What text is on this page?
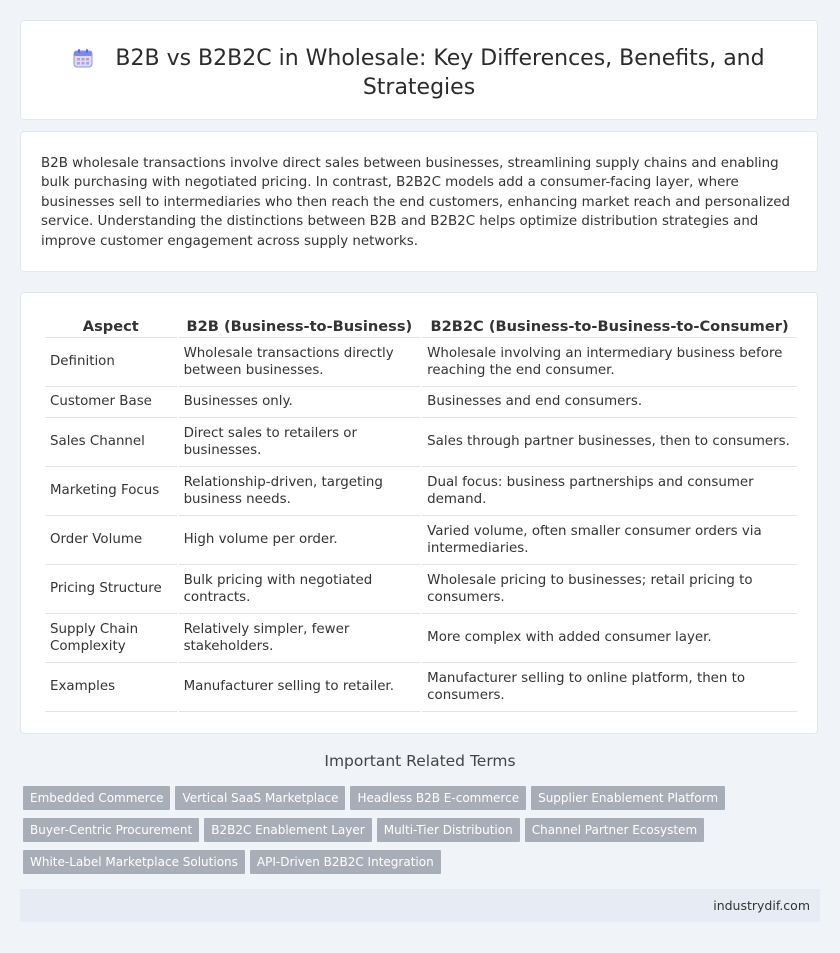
B2B vs B2B2C in Wholesale: Key Differences, Benefits, and Strategies
B2B wholesale transactions involve direct sales between businesses, streamlining supply chains and enabling bulk purchasing with negotiated pricing. In contrast, B2B2C models add a consumer-facing layer, where businesses sell to intermediaries who then reach the end customers, enhancing market reach and personalized service. Understanding the distinctions between B2B and B2B2C helps optimize distribution strategies and improve customer engagement across supply networks.
Aspect	B2B (Business-to-Business)	B2B2C (Business-to-Business-to-Consumer)
Definition	Wholesale transactions directly between businesses.	Wholesale involving an intermediary business before reaching the end consumer.
Customer Base	Businesses only.	Businesses and end consumers.
Sales Channel	Direct sales to retailers or businesses.	Sales through partner businesses, then to consumers.
Marketing Focus	Relationship-driven, targeting business needs.	Dual focus: business partnerships and consumer demand.
Order Volume	High volume per order.	Varied volume, often smaller consumer orders via intermediaries.
Pricing Structure	Bulk pricing with negotiated contracts.	Wholesale pricing to businesses; retail pricing to consumers.
Supply Chain Complexity	Relatively simpler, fewer stakeholders.	More complex with added consumer layer.
Examples	Manufacturer selling to retailer.	Manufacturer selling to online platform, then to consumers.
Important Related Terms
Embedded Commerce Vertical SaaS Marketplace Headless B2B E-commerce Supplier Enablement Platform
Buyer-Centric Procurement B2B2C Enablement Layer Multi-Tier Distribution Channel Partner Ecosystem
White-Label Marketplace Solutions API-Driven B2B2C Integration
industrydif.com
